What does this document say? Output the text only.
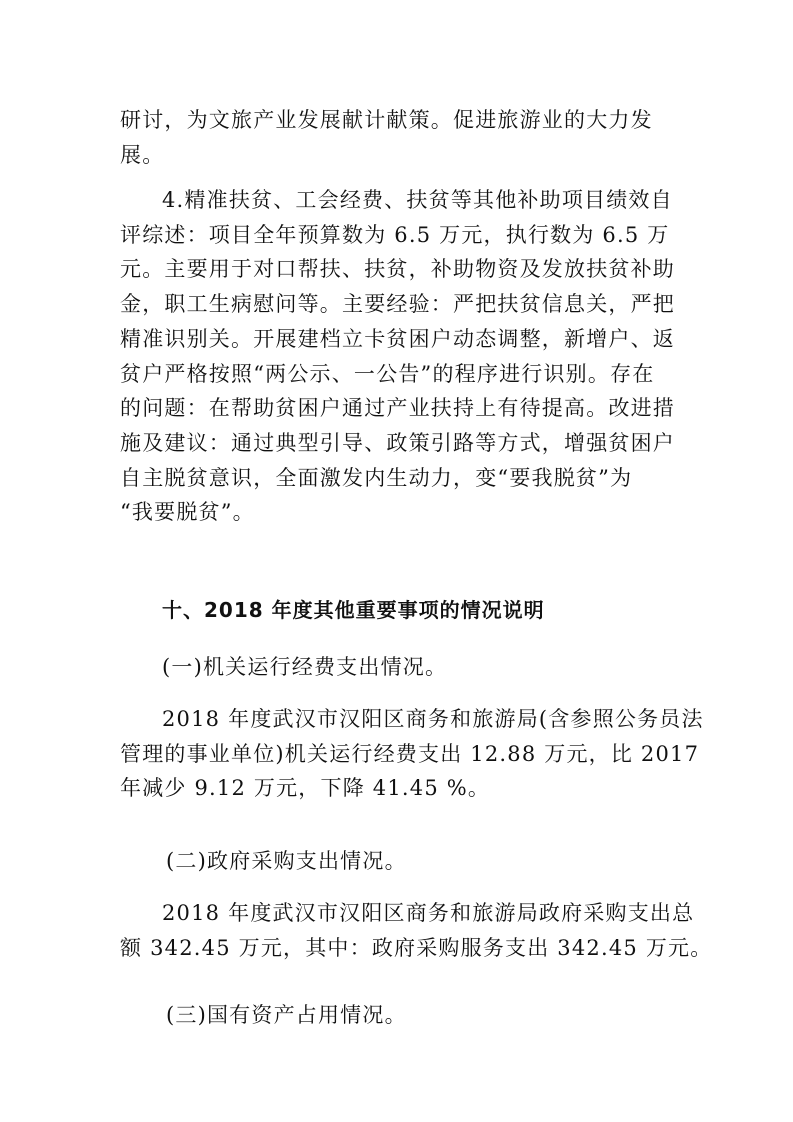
研讨，为文旅产业发展献计献策。促进旅游业的大力发
展。
4.精准扶贫、工会经费、扶贫等其他补助项目绩效自
评综述：项目全年预算数为 6.5 万元，执行数为 6.5 万
元。主要用于对口帮扶、扶贫，补助物资及发放扶贫补助
金，职工生病慰问等。主要经验：严把扶贫信息关，严把
精准识别关。开展建档立卡贫困户动态调整，新增户、返
贫户严格按照“两公示、一公告”的程序进行识别。存在
的问题：在帮助贫困户通过产业扶持上有待提高。改进措
施及建议：通过典型引导、政策引路等方式，增强贫困户
自主脱贫意识，全面激发内生动力，变“要我脱贫”为
“我要脱贫”。
十、2018 年度其他重要事项的情况说明
(一)机关运行经费支出情况。
2018 年度武汉市汉阳区商务和旅游局(含参照公务员法
管理的事业单位)机关运行经费支出 12.88 万元，比 2017
年减少 9.12 万元，下降 41.45 %。
(二)政府采购支出情况。
2018 年度武汉市汉阳区商务和旅游局政府采购支出总
额 342.45 万元，其中：政府采购服务支出 342.45 万元。
(三)国有资产占用情况。
